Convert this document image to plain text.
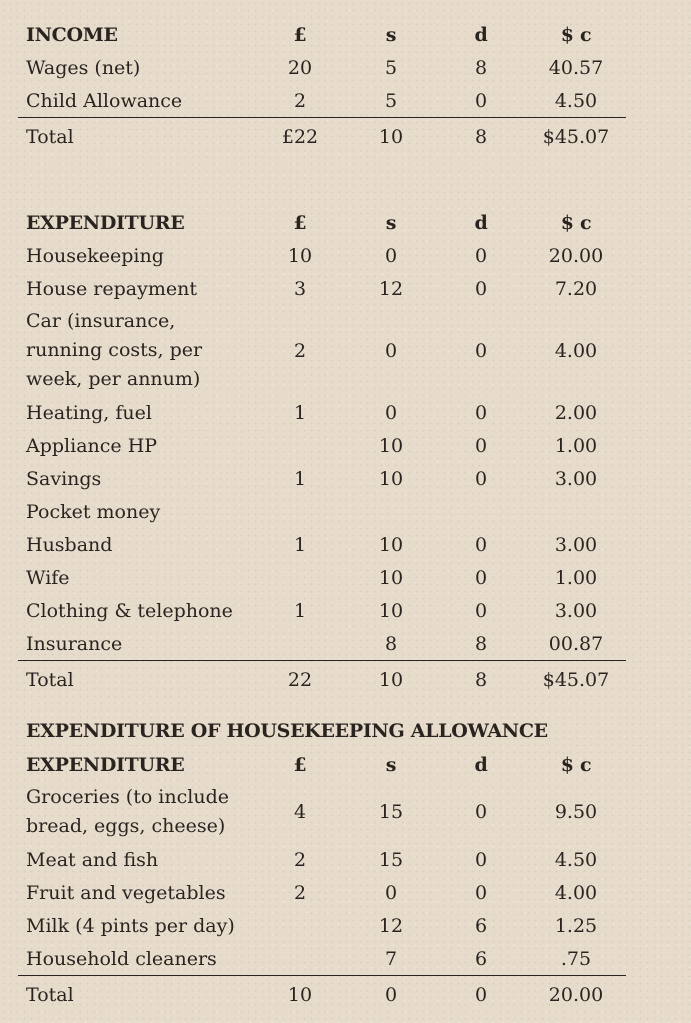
INCOME	£	s	d	$ c
Wages (net)	20	5	8	40.57
Child Allowance	2	5	0	4.50
Total	£22	10	8	$45.07
EXPENDITURE	£	s	d	$ c
Housekeeping	10	0	0	20.00
House repayment	3	12	0	7.20
Car (insurance, running costs, per week, per annum)	2	0	0	4.00
Heating, fuel	1	0	0	2.00
Appliance HP		10	0	1.00
Savings	1	10	0	3.00
Pocket money				
Husband	1	10	0	3.00
Wife		10	0	1.00
Clothing & telephone	1	10	0	3.00
Insurance		8	8	00.87
Total	22	10	8	$45.07
EXPENDITURE OF HOUSEKEEPING ALLOWANCE
EXPENDITURE	£	s	d	$ c
Groceries (to include bread, eggs, cheese)	4	15	0	9.50
Meat and fish	2	15	0	4.50
Fruit and vegetables	2	0	0	4.00
Milk (4 pints per day)		12	6	1.25
Household cleaners		7	6	.75
Total	10	0	0	20.00
